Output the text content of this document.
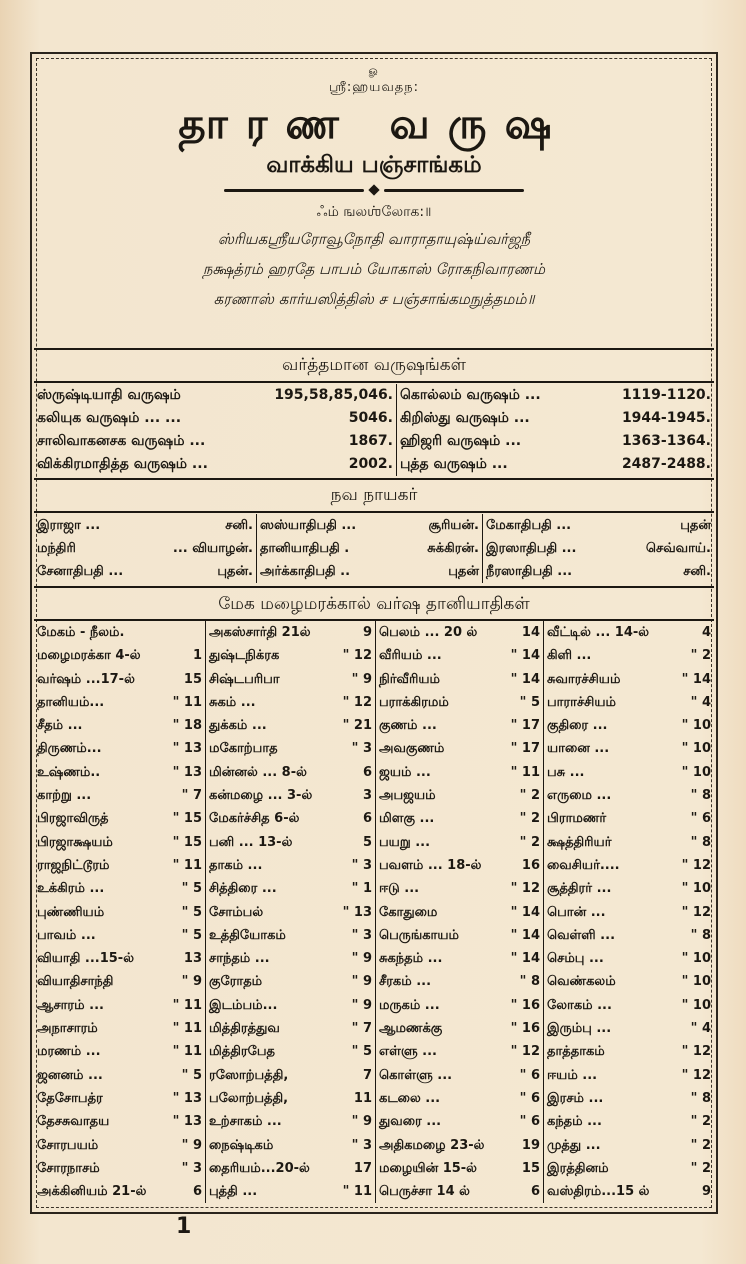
ௐ
ஶ்ரீ:ஹயவதந:
தாரண வருஷ
வாக்கிய பஞ்சாங்கம்
ஃம் ஙலஶ்லோக:॥
ஸ்ரியகஸ்ரீயரோவூநோதி வாராதாயுஷ்ய்வர்ஜநீ
நக்ஷத்ரம் ஹரதே பாபம் யோகாஸ் ரோகநிவாரணம்
கரணாஸ் கார்யஸித்திஸ் ச பஞ்சாங்கமநுத்தமம்॥
வர்த்தமான வருஷங்கள்
ஸ்ருஷ்டியாதி வருஷம்	195,58,85,046. கொல்லம் வருஷம் ...	1119-1120.
கலியுக வருஷம் ... ...	5046. கிறிஸ்து வருஷம் ...	1944-1945.
சாலிவாகனசக வருஷம் ...	1867. ஹிஜரி வருஷம் ...	1363-1364.
விக்கிரமாதித்த வருஷம் ...	2002. புத்த வருஷம் ...	2487-2488.
நவ நாயகர்
இராஜா ...	சனி. ஸஸ்யாதிபதி ...	சூரியன். மேகாதிபதி ...	புதன்
மந்திரி	... வியாழன். தானியாதிபதி .	சுக்கிரன். இரஸாதிபதி ...	செவ்வாய்.
சேனாதிபதி ...	புதன். அர்க்காதிபதி ..	புதன் நீரஸாதிபதி ...	சனி.
மேக மழைமரக்கால் வர்ஷ தானியாதிகள்
மேகம் - நீலம்.	அகஸ்சார்தி 21ல்	9 பெலம் ... 20 ல்	14 வீட்டில் ... 14-ல்	4
மழைமரக்கா 4-ல்	1 துஷ்டநிக்ரக	" 12 வீரியம் ...	" 14 கிளி ...	" 2
வர்ஷம் ...17-ல்	15 சிஷ்டபரிபா	" 9 நிர்வீரியம்	" 14 சுவாரச்சியம்	" 14
தானியம்...	" 11 சுகம் ...	" 12 பராக்கிரமம்	" 5 பாராச்சியம்	" 4
சீதம் ...	" 18 துக்கம் ...	" 21 குணம் ...	" 17 குதிரை ...	" 10
திருணம்...	" 13 மகோற்பாத	" 3 அவகுணம்	" 17 யானை ...	" 10
உஷ்ணம்..	" 13 மின்னல் ... 8-ல்	6 ஜயம் ...	" 11 பசு ...	" 10
காற்று ...	" 7 கன்மழை ... 3-ல்	3 அபஜயம்	" 2 எருமை ...	" 8
பிரஜாவிருத்	" 15 மேகர்ச்சித 6-ல்	6 மிளகு ...	" 2 பிராமணர்	" 6
பிரஜாக்ஷயம்	" 15 பனி ... 13-ல்	5 பயறு ...	" 2 க்ஷத்திரியர்	" 8
ராஜநிட்டூரம்	" 11 தாகம் ...	" 3 பவளம் ... 18-ல்	16 வைசியர்....	" 12
உக்கிரம் ...	" 5 சித்திரை ...	" 1 ஈடு ...	" 12 சூத்திரர் ...	" 10
புண்ணியம்	" 5 சோம்பல்	" 13 கோதுமை	" 14 பொன் ...	" 12
பாவம் ...	" 5 உத்தியோகம்	" 3 பெருங்காயம்	" 14 வெள்ளி ...	" 8
வியாதி ...15-ல்	13 சாந்தம் ...	" 9 சுகந்தம் ...	" 14 செம்பு ...	" 10
வியாதிசாந்தி	" 9 குரோதம்	" 9 சீரகம் ...	" 8 வெண்கலம்	" 10
ஆசாரம் ...	" 11 இடம்பம்...	" 9 மருகம் ...	" 16 லோகம் ...	" 10
அநாசாரம்	" 11 மித்திரத்துவ	" 7 ஆமணக்கு	" 16 இரும்பு ...	" 4
மரணம் ...	" 11 மித்திரபேத	" 5 எள்ளு ...	" 12 தாத்தாகம்	" 12
ஜனனம் ...	" 5 ரஸோற்பத்தி,	7 கொள்ளு ...	" 6 ஈயம் ...	" 12
தேசோபத்ர	" 13 பலோற்பத்தி,	11 கடலை ...	" 6 இரசம் ...	" 8
தேசசுவாதய	" 13 உற்சாகம் ...	" 9 துவரை ...	" 6 கந்தம் ...	" 2
சோரபயம்	" 9 நைஷ்டிகம்	" 3 அதிகமழை 23-ல்	19 முத்து ...	" 2
சோரநாசம்	" 3 தைரியம்...20-ல்	17 மழையின் 15-ல்	15 இரத்தினம்	" 2
அக்கினியம் 21-ல்	6 புத்தி ...	" 11 பெருச்சா 14 ல்	6 வஸ்திரம்...15 ல்	9
1
